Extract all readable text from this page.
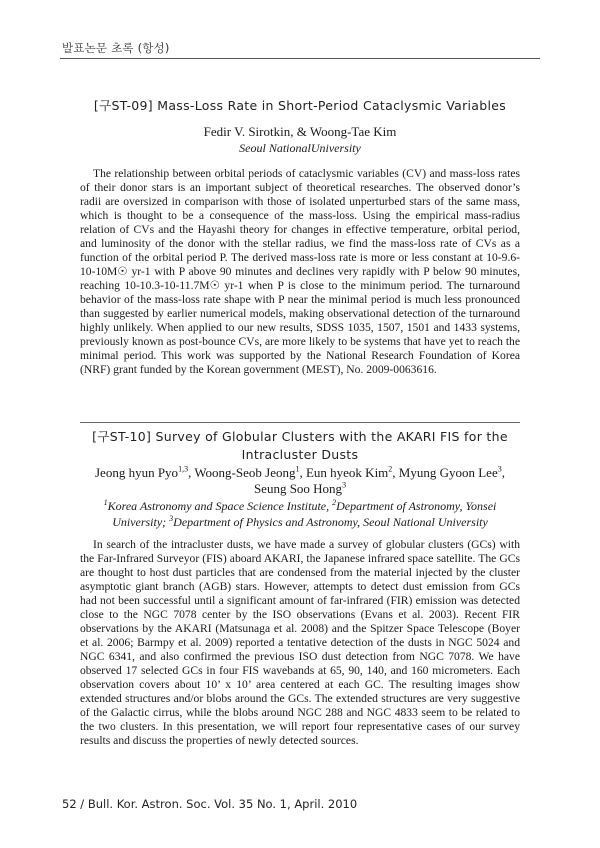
발표논문 초록 (항성)
[구ST-09] Mass-Loss Rate in Short-Period Cataclysmic Variables
Fedir V. Sirotkin, & Woong-Tae Kim
Seoul NationalUniversity
The relationship between orbital periods of cataclysmic variables (CV) and mass-loss rates of their donor stars is an important subject of theoretical researches. The observed donor’s radii are oversized in comparison with those of isolated unperturbed stars of the same mass, which is thought to be a consequence of the mass-loss. Using the empirical mass-radius relation of CVs and the Hayashi theory for changes in effective temperature, orbital period, and luminosity of the donor with the stellar radius, we find the mass-loss rate of CVs as a function of the orbital period P. The derived mass-loss rate is more or less constant at 10-9.6-10-10M☉ yr-1 with P above 90 minutes and declines very rapidly with P below 90 minutes, reaching 10-10.3-10-11.7M☉ yr-1 when P is close to the minimum period. The turnaround behavior of the mass-loss rate shape with P near the minimal period is much less pronounced than suggested by earlier numerical models, making observational detection of the turnaround highly unlikely. When applied to our new results, SDSS 1035, 1507, 1501 and 1433 systems, previously known as post-bounce CVs, are more likely to be systems that have yet to reach the minimal period. This work was supported by the National Research Foundation of Korea (NRF) grant funded by the Korean government (MEST), No. 2009-0063616.
[구ST-10] Survey of Globular Clusters with the AKARI FIS for the Intracluster Dusts
Jeong hyun Pyo$^{1,3}$, Woong-Seob Jeong$^1$, Eun hyeok Kim$^2$, Myung Gyoon Lee$^3$, Seung Soo Hong$^3$
$^1$Korea Astronomy and Space Science Institute, $^2$Department of Astronomy, Yonsei University; $^3$Department of Physics and Astronomy, Seoul National University
In search of the intracluster dusts, we have made a survey of globular clusters (GCs) with the Far-Infrared Surveyor (FIS) aboard AKARI, the Japanese infrared space satellite. The GCs are thought to host dust particles that are condensed from the material injected by the cluster asymptotic giant branch (AGB) stars. However, attempts to detect dust emission from GCs had not been successful until a significant amount of far-infrared (FIR) emission was detected close to the NGC 7078 center by the ISO observations (Evans et al. 2003). Recent FIR observations by the AKARI (Matsunaga et al. 2008) and the Spitzer Space Telescope (Boyer et al. 2006; Barmpy et al. 2009) reported a tentative detection of the dusts in NGC 5024 and NGC 6341, and also confirmed the previous ISO dust detection from NGC 7078. We have observed 17 selected GCs in four FIS wavebands at 65, 90, 140, and 160 micrometers. Each observation covers about 10’ x 10’ area centered at each GC. The resulting images show extended structures and/or blobs around the GCs. The extended structures are very suggestive of the Galactic cirrus, while the blobs around NGC 288 and NGC 4833 seem to be related to the two clusters. In this presentation, we will report four representative cases of our survey results and discuss the properties of newly detected sources.
52 / Bull. Kor. Astron. Soc. Vol. 35 No. 1, April. 2010
